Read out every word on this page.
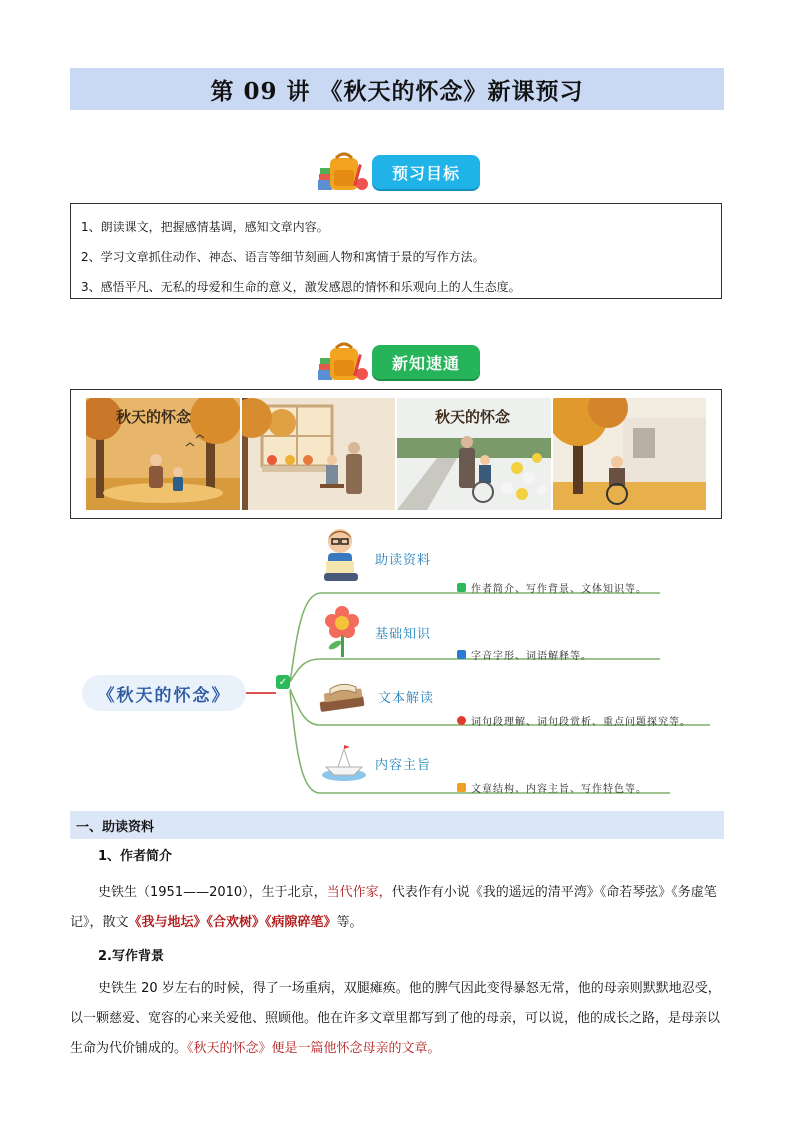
第 09 讲 《秋天的怀念》新课预习
预习目标

1、朗读课文，把握感情基调，感知文章内容。

2、学习文章抓住动作、神态、语言等细节刻画人物和寓情于景的写作方法。

3、感悟平凡、无私的母爱和生命的意义，激发感恩的情怀和乐观向上的人生态度。

新知速通
秋天的怀念	秋天的怀念
《秋天的怀念》
✓
助读资料
作者简介、写作背景、文体知识等。
基础知识
字音字形、词语解释等。
文本解读
词句段理解、词句段赏析、重点问题探究等。
内容主旨
文章结构、内容主旨、写作特色等。
一、助读资料
1、作者简介
史铁生（1951——2010），生于北京，当代作家，代表作有小说《我的遥远的清平湾》《命若琴弦》《务虚笔记》，散文《我与地坛》《合欢树》《病隙碎笔》等。
2.写作背景
史铁生 20 岁左右的时候，得了一场重病，双腿瘫痪。他的脾气因此变得暴怒无常，他的母亲则默默地忍受，以一颗慈爱、宽容的心来关爱他、照顾他。他在许多文章里都写到了他的母亲，可以说，他的成长之路，是母亲以生命为代价铺成的。《秋天的怀念》便是一篇他怀念母亲的文章。
